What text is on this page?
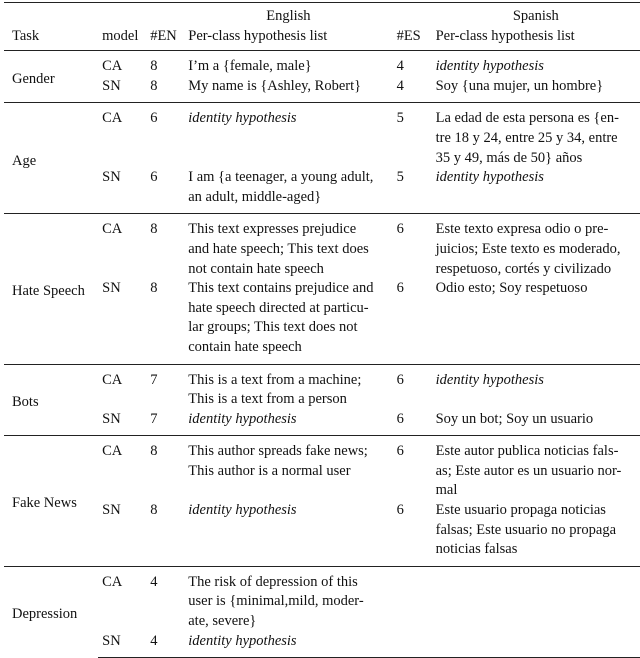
			English		Spanish
Task	model	#EN	Per-class hypothesis list	#ES	Per-class hypothesis list
Gender	CA	8	I’m a {female, male}	4	identity hypothesis
	SN	8	My name is {Ashley, Robert}	4	Soy {una mujer, un hombre}
Age	CA	6	identity hypothesis	5	La edad de esta persona es {en-
tre 18 y 24, entre 25 y 34, entre
35 y 49, más de 50} años
	SN	6	I am {a teenager, a young adult,
an adult, middle-aged}	5	identity hypothesis
Hate Speech	CA	8	This text expresses prejudice
and hate speech; This text does
not contain hate speech	6	Este texto expresa odio o pre-
juicios; Este texto es moderado,
respetuoso, cortés y civilizado
	SN	8	This text contains prejudice and
hate speech directed at particu-
lar groups; This text does not
contain hate speech	6	Odio esto; Soy respetuoso
Bots	CA	7	This is a text from a machine;
This is a text from a person	6	identity hypothesis
	SN	7	identity hypothesis	6	Soy un bot; Soy un usuario
Fake News	CA	8	This author spreads fake news;
This author is a normal user	6	Este autor publica noticias fals-
as; Este autor es un usuario nor-
mal
	SN	8	identity hypothesis	6	Este usuario propaga noticias
falsas; Este usuario no propaga
noticias falsas
Depression	CA	4	The risk of depression of this
user is {minimal,mild, moder-
ate, severe}		
	SN	4	identity hypothesis		
